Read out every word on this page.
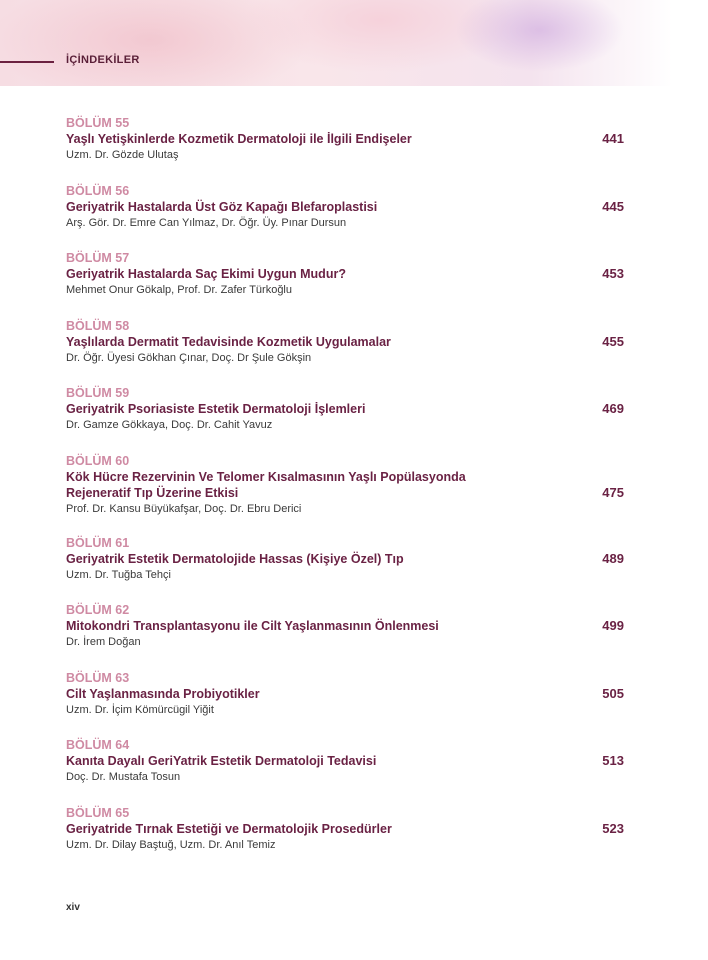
İÇİNDEKİLER
BÖLÜM 55
Yaşlı Yetişkinlerde Kozmetik Dermatoloji ile İlgili Endişeler
Uzm. Dr. Gözde Ulutaş
441
BÖLÜM 56
Geriyatrik Hastalarda Üst Göz Kapağı Blefaroplastisi
Arş. Gör. Dr. Emre Can Yılmaz, Dr. Öğr. Üy. Pınar Dursun
445
BÖLÜM 57
Geriyatrik Hastalarda Saç Ekimi Uygun Mudur?
Mehmet Onur Gökalp, Prof. Dr. Zafer Türkoğlu
453
BÖLÜM 58
Yaşlılarda Dermatit Tedavisinde Kozmetik Uygulamalar
Dr. Öğr. Üyesi Gökhan Çınar, Doç. Dr Şule Gökşin
455
BÖLÜM 59
Geriyatrik Psoriasiste Estetik Dermatoloji İşlemleri
Dr. Gamze Gökkaya, Doç. Dr. Cahit Yavuz
469
BÖLÜM 60
Kök Hücre Rezervinin Ve Telomer Kısalmasının Yaşlı Popülasyonda
Rejeneratif Tıp Üzerine Etkisi
Prof. Dr. Kansu Büyükafşar, Doç. Dr. Ebru Derici
475
BÖLÜM 61
Geriyatrik Estetik Dermatolojide Hassas (Kişiye Özel) Tıp
Uzm. Dr. Tuğba Tehçi
489
BÖLÜM 62
Mitokondri Transplantasyonu ile Cilt Yaşlanmasının Önlenmesi
Dr. İrem Doğan
499
BÖLÜM 63
Cilt Yaşlanmasında Probiyotikler
Uzm. Dr. İçim Kömürcügil Yiğit
505
BÖLÜM 64
Kanıta Dayalı GeriYatrik Estetik Dermatoloji Tedavisi
Doç. Dr. Mustafa Tosun
513
BÖLÜM 65
Geriyatride Tırnak Estetiği ve Dermatolojik Prosedürler
Uzm. Dr. Dilay Baştuğ, Uzm. Dr. Anıl Temiz
523
xiv
